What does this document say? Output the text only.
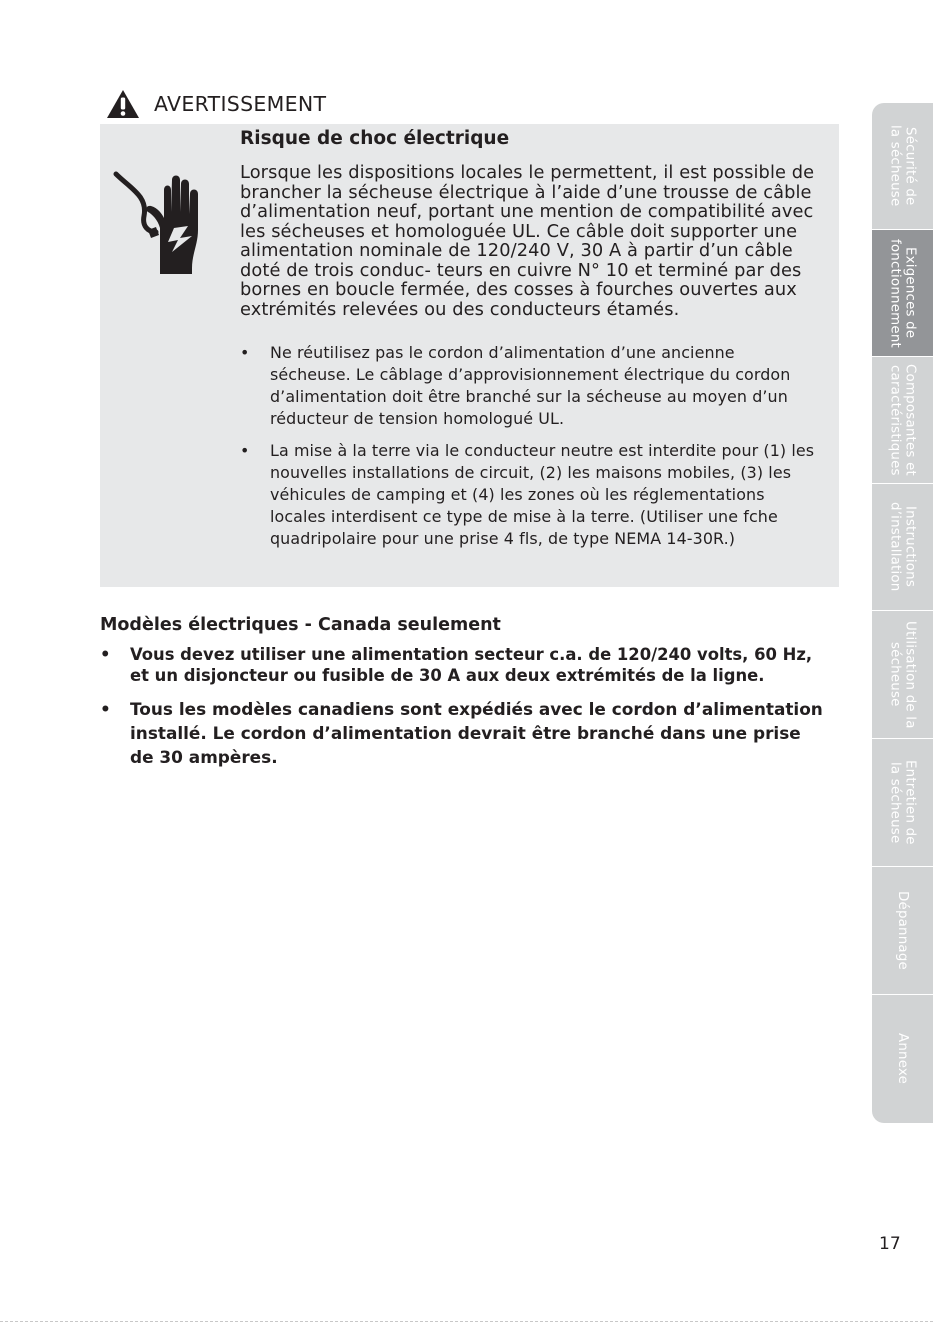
AVERTISSEMENT
Risque de choc électrique

Lorsque les dispositions locales le permettent, il est possible de brancher la sécheuse électrique à l’aide d’une trousse de câble d’alimentation neuf, portant une mention de compatibilité avec les sécheuses et homologuée UL. Ce câble doit supporter une alimentation nominale de 120/240 V, 30 A à partir d’un câble doté de trois conduc- teurs en cuivre N° 10 et terminé par des bornes en boucle fermée, des cosses à fourches ouvertes aux extrémités relevées ou des conducteurs étamés.

• Ne réutilisez pas le cordon d’alimentation d’une ancienne sécheuse. Le câblage d’approvisionnement électrique du cordon d’alimentation doit être branché sur la sécheuse au moyen d’un réducteur de tension homologué UL.
• La mise à la terre via le conducteur neutre est interdite pour (1) les nouvelles installations de circuit, (2) les maisons mobiles, (3) les véhicules de camping et (4) les zones où les réglementations locales interdisent ce type de mise à la terre. (Utiliser une fche quadripolaire pour une prise 4 fls, de type NEMA 14-30R.)
Modèles électriques - Canada seulement
• Vous devez utiliser une alimentation secteur c.a. de 120/240 volts, 60 Hz, et un disjoncteur ou fusible de 30 A aux deux extrémités de la ligne.
• Tous les modèles canadiens sont expédiés avec le cordon d’alimentation installé. Le cordon d’alimentation devrait être branché dans une prise de 30 ampères.
Sécurité de
la sécheuse
Exigences de
fonctionnement
Composantes et
caractéristiques
Instructions
d’installation
Utilisation de la
sécheuse
Entretien de
la sécheuse
Dépannage
Annexe
17
